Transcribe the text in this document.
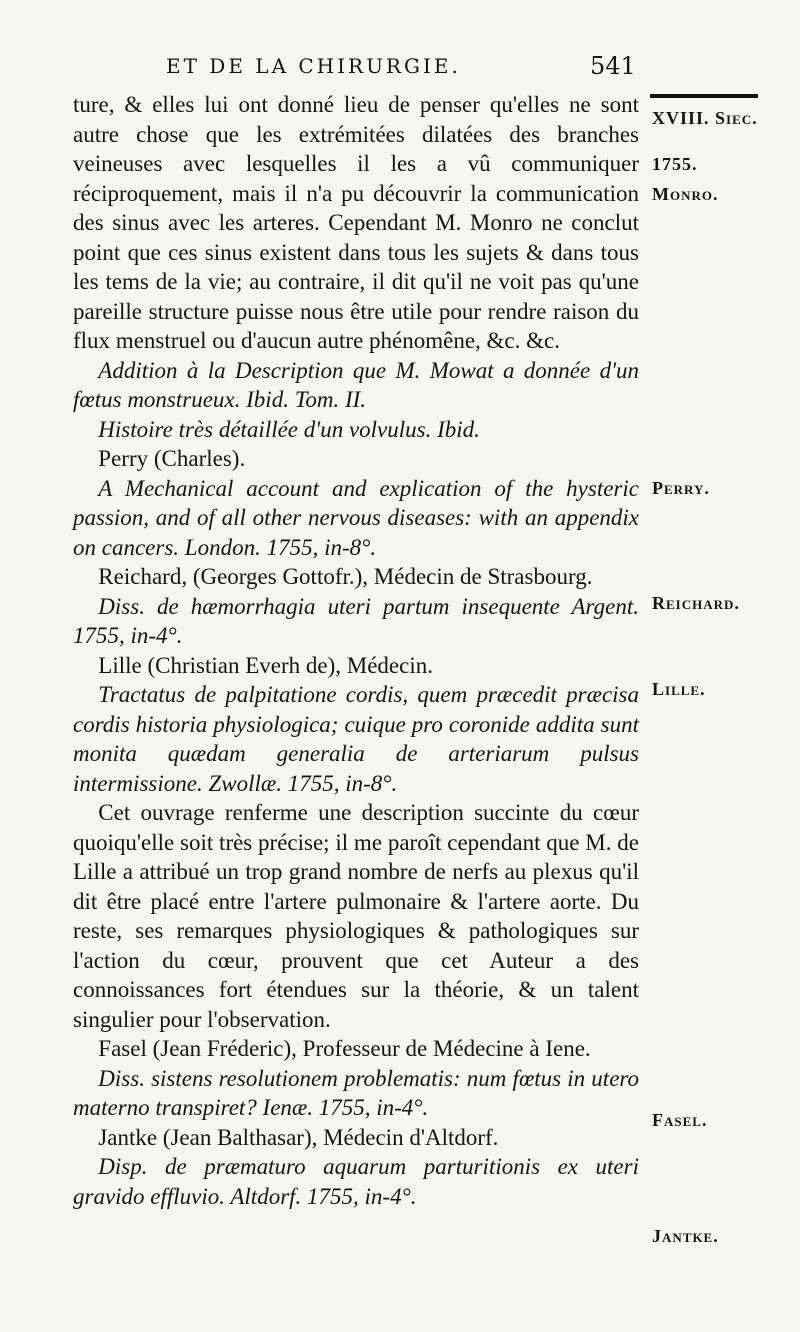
ET DE LA CHIRURGIE.	541
XVIII. Siec.
1755.
Monro.
Perry.
Reichard.
Lille.
Fasel.
Jantke.

ture, & elles lui ont donné lieu de penser qu'elles ne sont autre chose que les extrémitées dilatées des branches veineuses avec lesquelles il les a vû communiquer réciproquement, mais il n'a pu découvrir la communication des sinus avec les arteres. Cependant M. Monro ne conclut point que ces sinus existent dans tous les sujets & dans tous les tems de la vie; au contraire, il dit qu'il ne voit pas qu'une pareille structure puisse nous être utile pour rendre raison du flux menstruel ou d'aucun autre phénomêne, &c. &c.

Addition à la Description que M. Mowat a donnée d'un fœtus monstrueux. Ibid. Tom. II.

Histoire très détaillée d'un volvulus. Ibid.

Perry (Charles).

A Mechanical account and explication of the hysteric passion, and of all other nervous diseases: with an appendix on cancers. London. 1755, in-8°.

Reichard, (Georges Gottofr.), Médecin de Strasbourg.

Diss. de hæmorrhagia uteri partum insequente Argent. 1755, in-4°.

Lille (Christian Everh de), Médecin.

Tractatus de palpitatione cordis, quem præcedit præcisa cordis historia physiologica; cuique pro coronide addita sunt monita quædam generalia de arteriarum pulsus intermissione. Zwollæ. 1755, in-8°.

Cet ouvrage renferme une description succinte du cœur quoiqu'elle soit très précise; il me paroît cependant que M. de Lille a attribué un trop grand nombre de nerfs au plexus qu'il dit être placé entre l'artere pulmonaire & l'artere aorte. Du reste, ses remarques physiologiques & pathologiques sur l'action du cœur, prouvent que cet Auteur a des connoissances fort étendues sur la théorie, & un talent singulier pour l'observation.

Fasel (Jean Fréderic), Professeur de Médecine à Iene.

Diss. sistens resolutionem problematis: num fœtus in utero materno transpiret? Ienæ. 1755, in-4°.

Jantke (Jean Balthasar), Médecin d'Altdorf.

Disp. de præmaturo aquarum parturitionis ex uteri gravido effluvio. Altdorf. 1755, in-4°.
